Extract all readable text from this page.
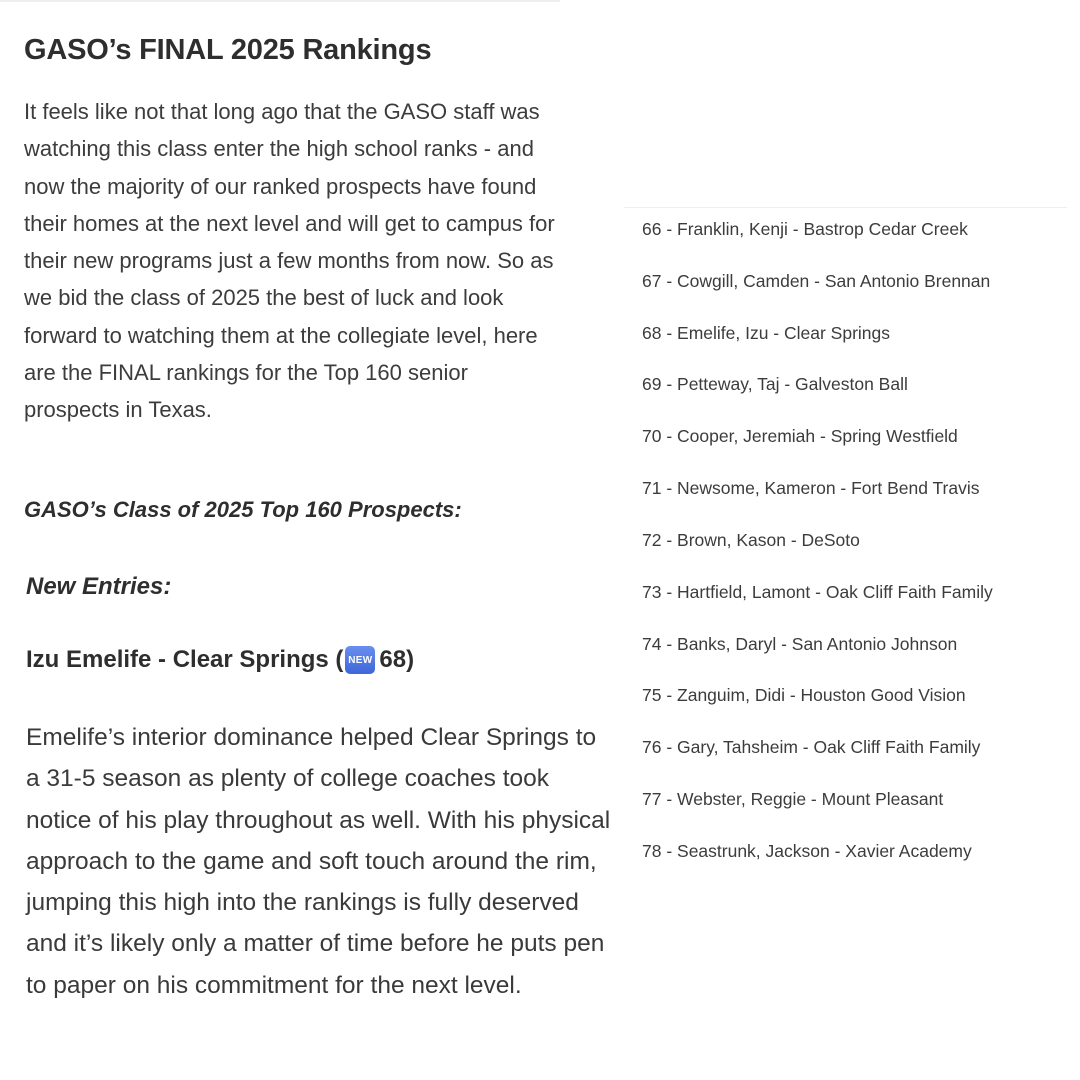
GASO’s FINAL 2025 Rankings

It feels like not that long ago that the GASO staff was watching this class enter the high school ranks - and now the majority of our ranked prospects have found their homes at the next level and will get to campus for their new programs just a few months from now. So as we bid the class of 2025 the best of luck and look forward to watching them at the collegiate level, here are the FINAL rankings for the Top 160 senior prospects in Texas.

GASO’s Class of 2025 Top 160 Prospects:
New Entries:
Izu Emelife - Clear Springs ( NEW 68)

Emelife’s interior dominance helped Clear Springs to a 31-5 season as plenty of college coaches took notice of his play throughout as well. With his physical approach to the game and soft touch around the rim, jumping this high into the rankings is fully deserved and it’s likely only a matter of time before he puts pen to paper on his commitment for the next level.

66 - Franklin, Kenji - Bastrop Cedar Creek
67 - Cowgill, Camden - San Antonio Brennan
68 - Emelife, Izu - Clear Springs
69 - Petteway, Taj - Galveston Ball
70 - Cooper, Jeremiah - Spring Westfield
71 - Newsome, Kameron - Fort Bend Travis
72 - Brown, Kason - DeSoto
73 - Hartfield, Lamont - Oak Cliff Faith Family
74 - Banks, Daryl - San Antonio Johnson
75 - Zanguim, Didi - Houston Good Vision
76 - Gary, Tahsheim - Oak Cliff Faith Family
77 - Webster, Reggie - Mount Pleasant
78 - Seastrunk, Jackson - Xavier Academy
